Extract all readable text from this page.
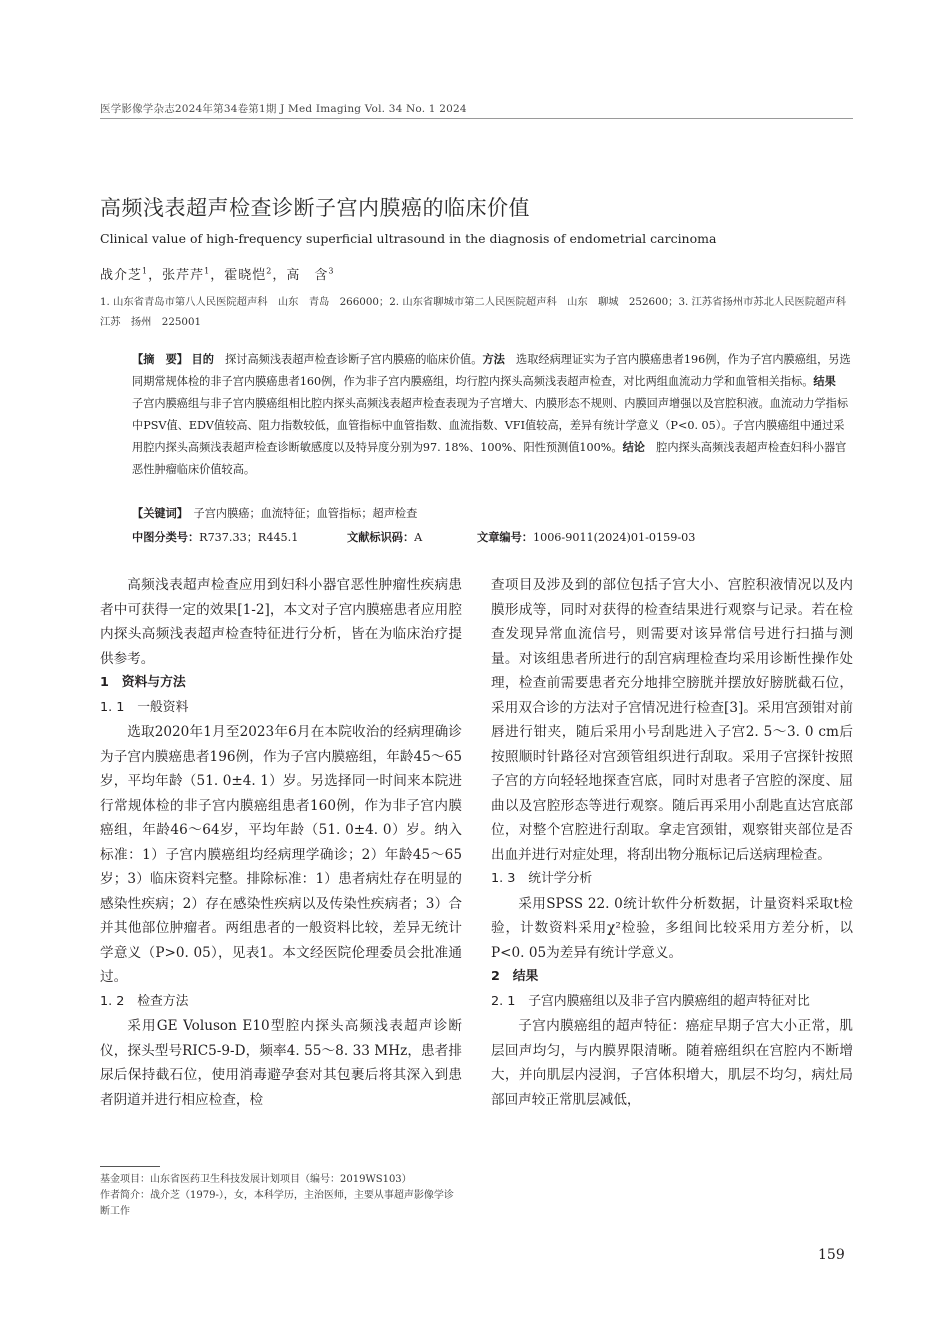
医学影像学杂志2024年第34卷第1期 J Med Imaging Vol. 34 No. 1 2024
高频浅表超声检查诊断子宫内膜癌的临床价值
Clinical value of high-frequency superficial ultrasound in the diagnosis of endometrial carcinoma
战介芝$^1$，张芹芹$^1$，霍晓恺$^2$，高　含$^3$
1. 山东省青岛市第八人民医院超声科　山东　青岛　266000；2. 山东省聊城市第二人民医院超声科　山东　聊城　252600；3. 江苏省扬州市苏北人民医院超声科　江苏　扬州　225001

【摘　要】 目的　 探讨高频浅表超声检查诊断子宫内膜癌的临床价值。方法　 选取经病理证实为子宫内膜癌患者196例，作为子宫内膜癌组，另选同期常规体检的非子宫内膜癌患者160例，作为非子宫内膜癌组，均行腔内探头高频浅表超声检查，对比两组血流动力学和血管相关指标。结果　子宫内膜癌组与非子宫内膜癌组相比腔内探头高频浅表超声检查表现为子宫增大、内膜形态不规则、内膜回声增强以及宫腔积液。血流动力学指标中PSV值、EDV值较高、阻力指数较低，血管指标中血管指数、血流指数、VFI值较高，差异有统计学意义（P<0. 05）。子宫内膜癌组中通过采用腔内探头高频浅表超声检查诊断敏感度以及特异度分别为97. 18%、100%、阳性预测值100%。结论　 腔内探头高频浅表超声检查妇科小器官恶性肿瘤临床价值较高。

【关键词】　 子宫内膜癌；血流特征；血管指标；超声检查
中图分类号：R737.33；R445.1	文献标识码：A	文章编号：1006-9011(2024)01-0159-03

高频浅表超声检查应用到妇科小器官恶性肿瘤性疾病患者中可获得一定的效果[1-2]，本文对子宫内膜癌患者应用腔内探头高频浅表超声检查特征进行分析，皆在为临床治疗提供参考。

1　资料与方法

1. 1　一般资料

选取2020年1月至2023年6月在本院收治的经病理确诊为子宫内膜癌患者196例，作为子宫内膜癌组，年龄45～65岁，平均年龄（51. 0±4. 1）岁。另选择同一时间来本院进行常规体检的非子宫内膜癌组患者160例，作为非子宫内膜癌组，年龄46～64岁，平均年龄（51. 0±4. 0）岁。纳入标准：1）子宫内膜癌组均经病理学确诊；2）年龄45～65岁；3）临床资料完整。排除标准：1）患者病灶存在明显的感染性疾病；2）存在感染性疾病以及传染性疾病者；3）合并其他部位肿瘤者。两组患者的一般资料比较，差异无统计学意义（P>0. 05），见表1。本文经医院伦理委员会批准通过。

1. 2　检查方法

采用GE Voluson E10型腔内探头高频浅表超声诊断仪，探头型号RIC5-9-D，频率4. 55～8. 33 MHz，患者排尿后保持截石位，使用消毒避孕套对其包裹后将其深入到患者阴道并进行相应检查，检

查项目及涉及到的部位包括子宫大小、宫腔积液情况以及内膜形成等，同时对获得的检查结果进行观察与记录。若在检查发现异常血流信号，则需要对该异常信号进行扫描与测量。对该组患者所进行的刮宫病理检查均采用诊断性操作处理，检查前需要患者充分地排空膀胱并摆放好膀胱截石位，采用双合诊的方法对子宫情况进行检查[3]。采用宫颈钳对前唇进行钳夹，随后采用小号刮匙进入子宫2. 5～3. 0 cm后按照顺时针路径对宫颈管组织进行刮取。采用子宫探针按照子宫的方向轻轻地探查宫底，同时对患者子宫腔的深度、屈曲以及宫腔形态等进行观察。随后再采用小刮匙直达宫底部位，对整个宫腔进行刮取。拿走宫颈钳，观察钳夹部位是否出血并进行对症处理，将刮出物分瓶标记后送病理检查。

1. 3　统计学分析

采用SPSS 22. 0统计软件分析数据，计量资料采取t检验，计数资料采用χ²检验，多组间比较采用方差分析，以P<0. 05为差异有统计学意义。

2　结果

2. 1　子宫内膜癌组以及非子宫内膜癌组的超声特征对比

子宫内膜癌组的超声特征：癌症早期子宫大小正常，肌层回声均匀，与内膜界限清晰。随着癌组织在宫腔内不断增大，并向肌层内浸润，子宫体积增大，肌层不均匀，病灶局部回声较正常肌层减低，

基金项目：山东省医药卫生科技发展计划项目（编号：2019WS103）

作者简介：战介芝（1979-），女，本科学历，主治医师，主要从事超声影像学诊断工作

159
